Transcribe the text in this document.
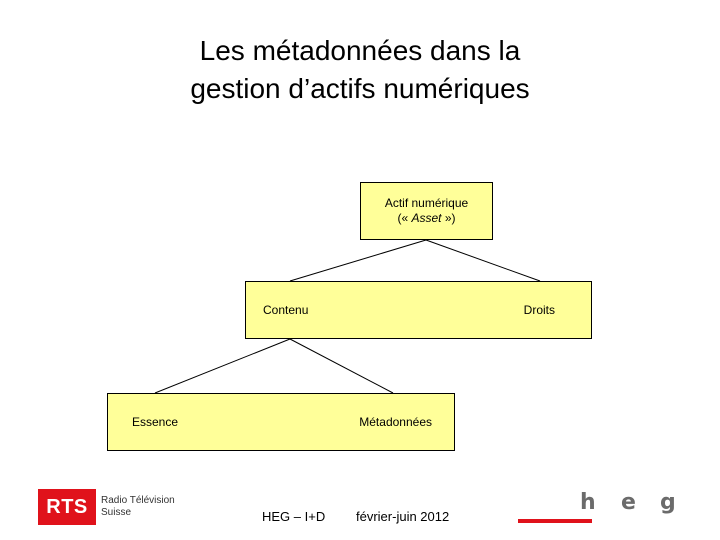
Les métadonnées dans la
gestion d’actifs numériques
Actif numérique
(« Asset »)
Contenu	Droits
Essence	Métadonnées
RTS Radio Télévision
Suisse	HEG – I+D février-juin 2012
h e g
